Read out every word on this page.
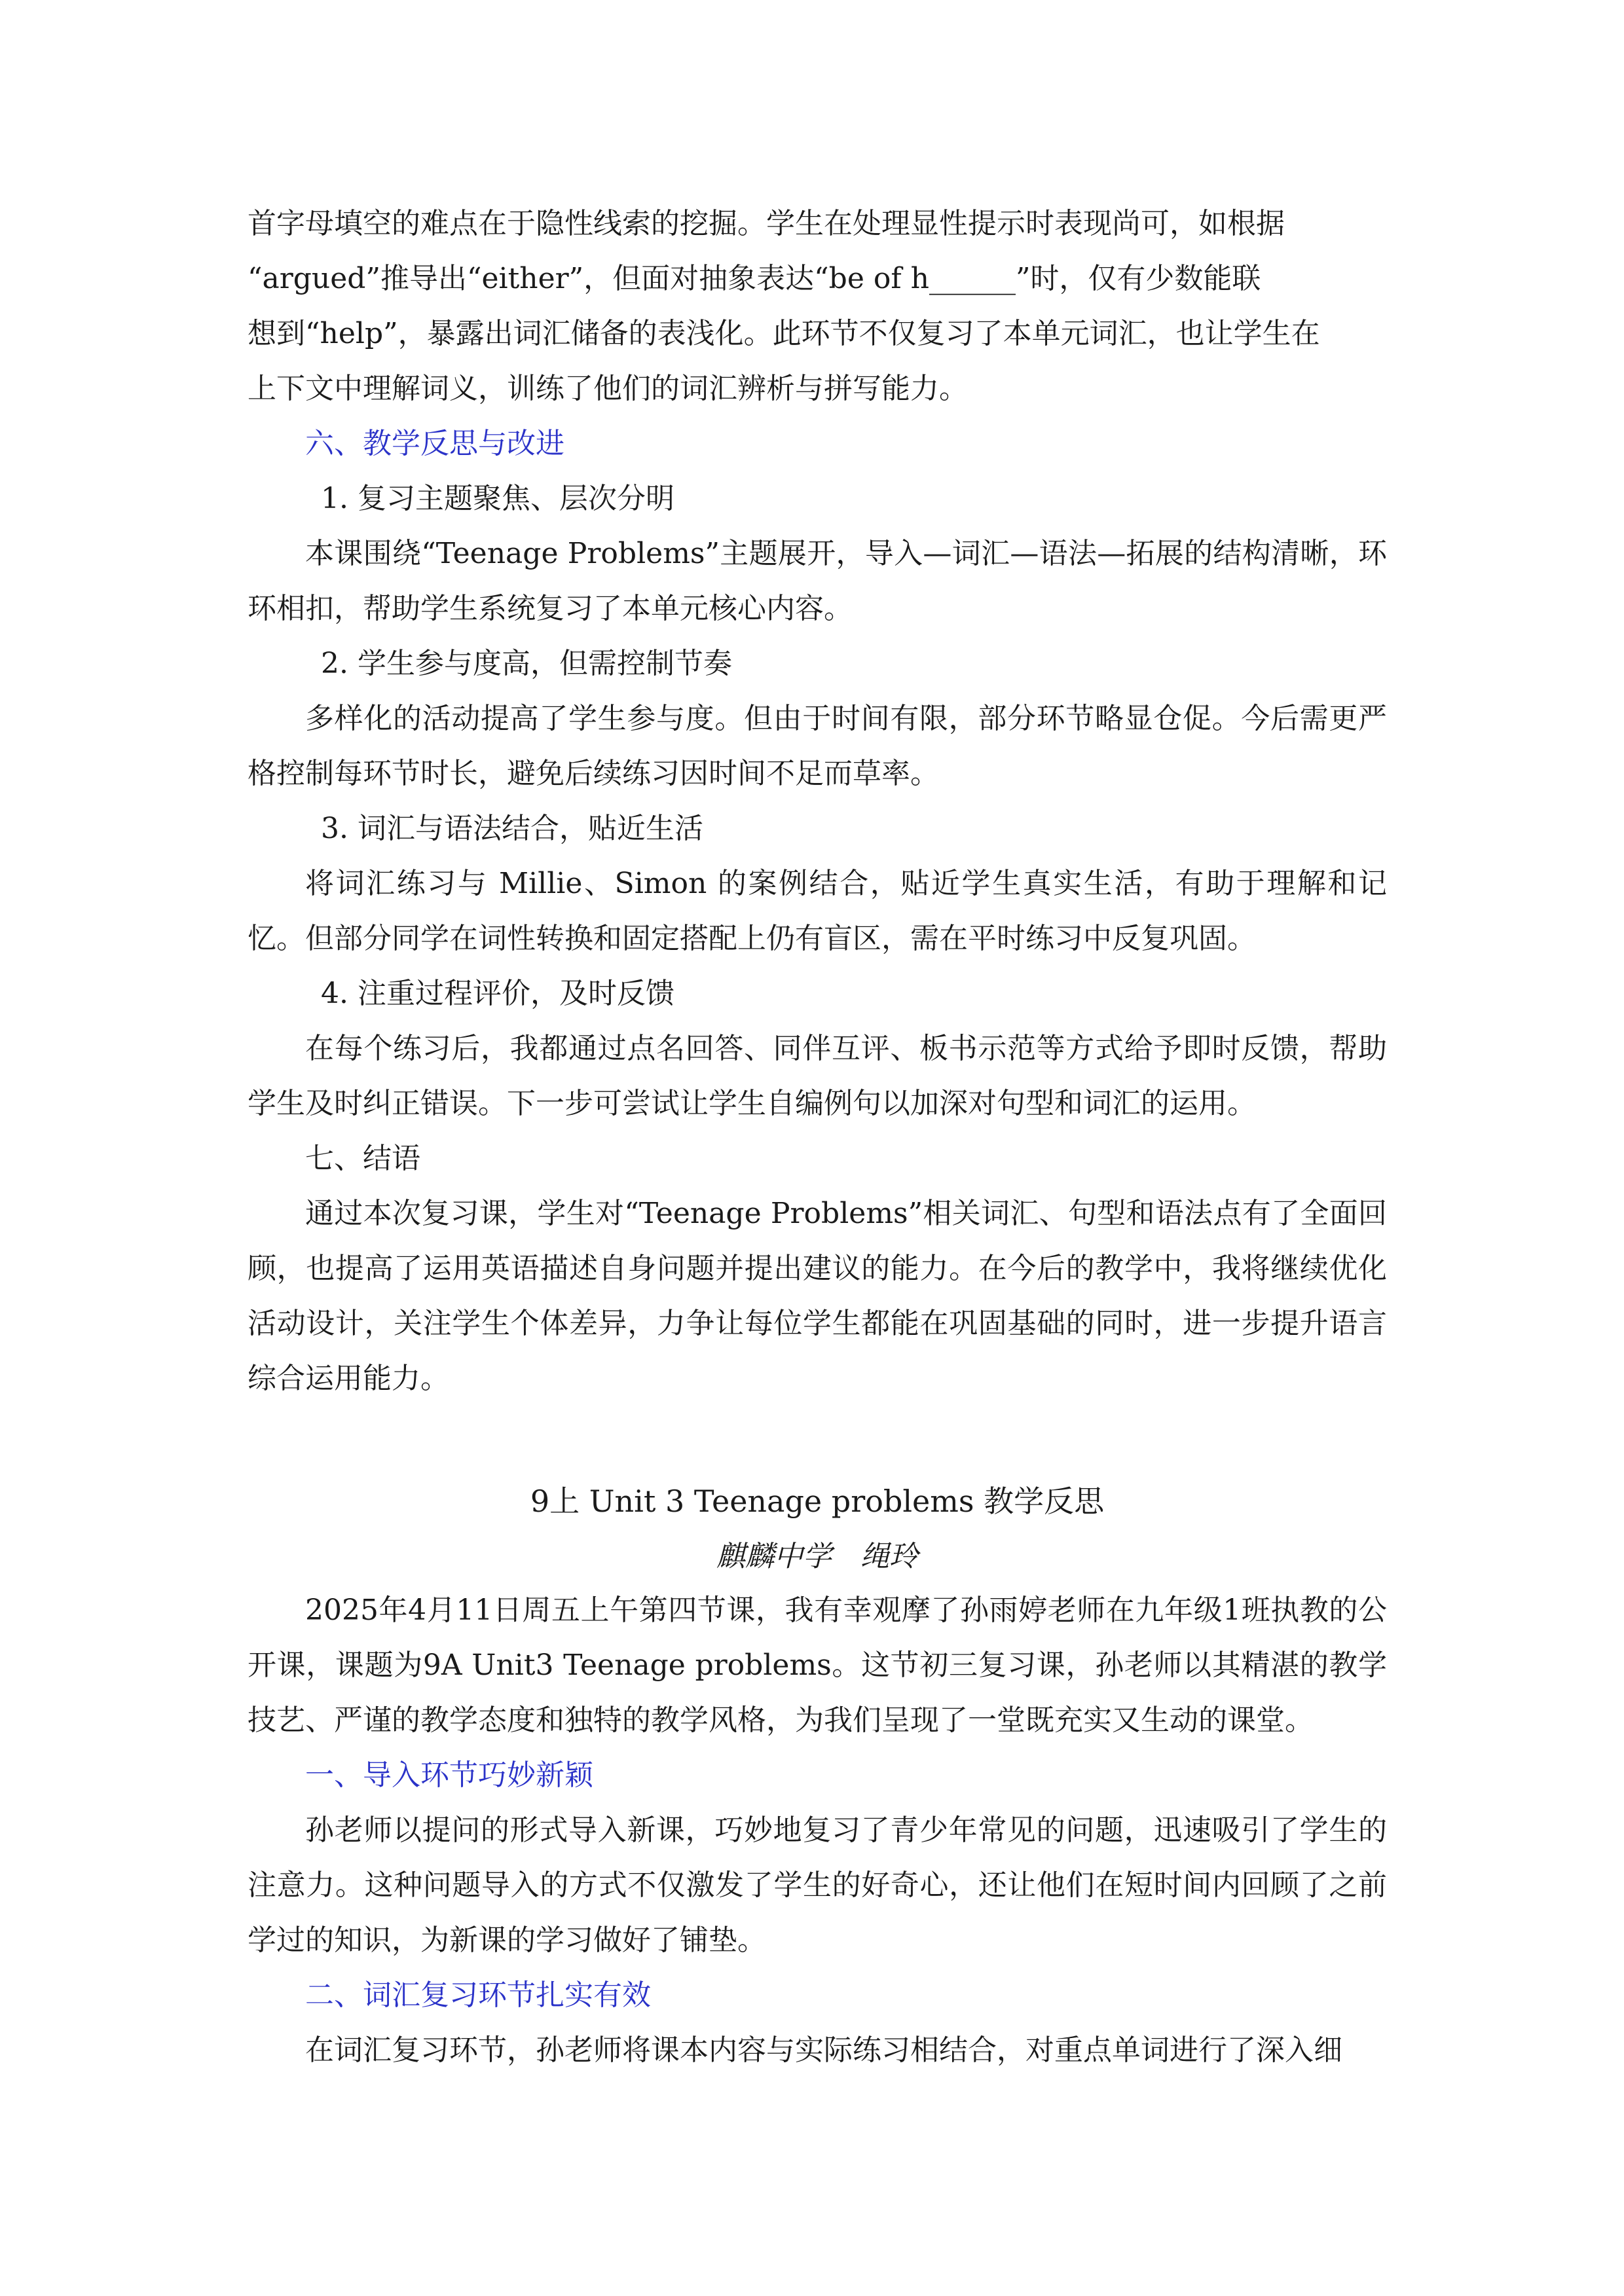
首字母填空的难点在于隐性线索的挖掘。学生在处理显性提示时表现尚可，如根据

“argued”推导出“either”，但面对抽象表达“be of h______”时，仅有少数能联

想到“help”，暴露出词汇储备的表浅化。此环节不仅复习了本单元词汇，也让学生在

上下文中理解词义，训练了他们的词汇辨析与拼写能力。

六、教学反思与改进

1. 复习主题聚焦、层次分明

本课围绕“Teenage Problems”主题展开，导入—词汇—语法—拓展的结构清晰，环环相扣，帮助学生系统复习了本单元核心内容。

2. 学生参与度高，但需控制节奏

多样化的活动提高了学生参与度。但由于时间有限，部分环节略显仓促。今后需更严格控制每环节时长，避免后续练习因时间不足而草率。

3. 词汇与语法结合，贴近生活

将词汇练习与 Millie、Simon 的案例结合，贴近学生真实生活，有助于理解和记忆。但部分同学在词性转换和固定搭配上仍有盲区，需在平时练习中反复巩固。

4. 注重过程评价，及时反馈

在每个练习后，我都通过点名回答、同伴互评、板书示范等方式给予即时反馈，帮助学生及时纠正错误。下一步可尝试让学生自编例句以加深对句型和词汇的运用。

七、结语

通过本次复习课，学生对“Teenage Problems”相关词汇、句型和语法点有了全面回顾，也提高了运用英语描述自身问题并提出建议的能力。在今后的教学中，我将继续优化活动设计，关注学生个体差异，力争让每位学生都能在巩固基础的同时，进一步提升语言综合运用能力。

9上 Unit 3 Teenage problems 教学反思

麒麟中学　绳玲

2025年4月11日周五上午第四节课，我有幸观摩了孙雨婷老师在九年级1班执教的公开课，课题为9A Unit3 Teenage problems。这节初三复习课，孙老师以其精湛的教学技艺、严谨的教学态度和独特的教学风格，为我们呈现了一堂既充实又生动的课堂。

一、导入环节巧妙新颖

孙老师以提问的形式导入新课，巧妙地复习了青少年常见的问题，迅速吸引了学生的注意力。这种问题导入的方式不仅激发了学生的好奇心，还让他们在短时间内回顾了之前学过的知识，为新课的学习做好了铺垫。

二、词汇复习环节扎实有效

在词汇复习环节，孙老师将课本内容与实际练习相结合，对重点单词进行了深入细
